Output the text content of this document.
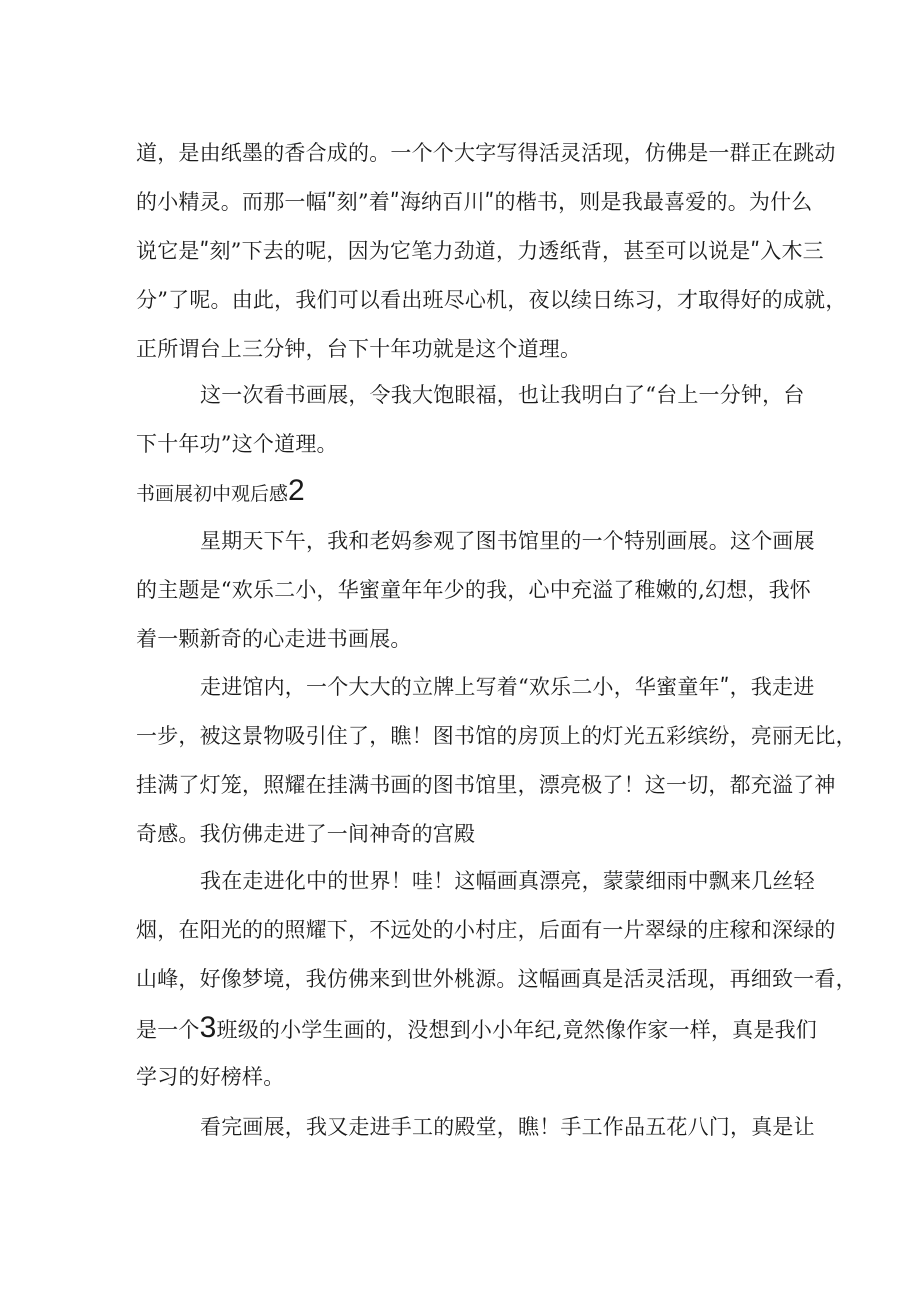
道，是由纸墨的香合成的。一个个大字写得活灵活现，仿佛是一群正在跳动
的小精灵。而那一幅ʺ刻”着ʺ海纳百川ʺ的楷书，则是我最喜爱的。为什么
说它是ʺ刻”下去的呢，因为它笔力劲道，力透纸背，甚至可以说是ʺ入木三
分”了呢。由此，我们可以看出班尽心机，夜以续日练习，才取得好的成就，
正所谓台上三分钟，台下十年功就是这个道理。
这一次看书画展，令我大饱眼福，也让我明白了“台上一分钟，台
下十年功”这个道理。
书画展初中观后感2
星期天下午，我和老妈参观了图书馆里的一个特别画展。这个画展
的主题是“欢乐二小，华蜜童年年少的我，心中充溢了稚嫩的,幻想，我怀
着一颗新奇的心走进书画展。
走进馆内，一个大大的立牌上写着“欢乐二小，华蜜童年ʺ，我走进
一步，被这景物吸引住了，瞧！图书馆的房顶上的灯光五彩缤纷，亮丽无比，
挂满了灯笼，照耀在挂满书画的图书馆里，漂亮极了！这一切，都充溢了神
奇感。我仿佛走进了一间神奇的宫殿
我在走进化中的世界！哇！这幅画真漂亮，蒙蒙细雨中飘来几丝轻
烟，在阳光的的照耀下，不远处的小村庄，后面有一片翠绿的庄稼和深绿的
山峰，好像梦境，我仿佛来到世外桃源。这幅画真是活灵活现，再细致一看，
是一个3班级的小学生画的，没想到小小年纪,竟然像作家一样，真是我们
学习的好榜样。
看完画展，我又走进手工的殿堂，瞧！手工作品五花八门，真是让
